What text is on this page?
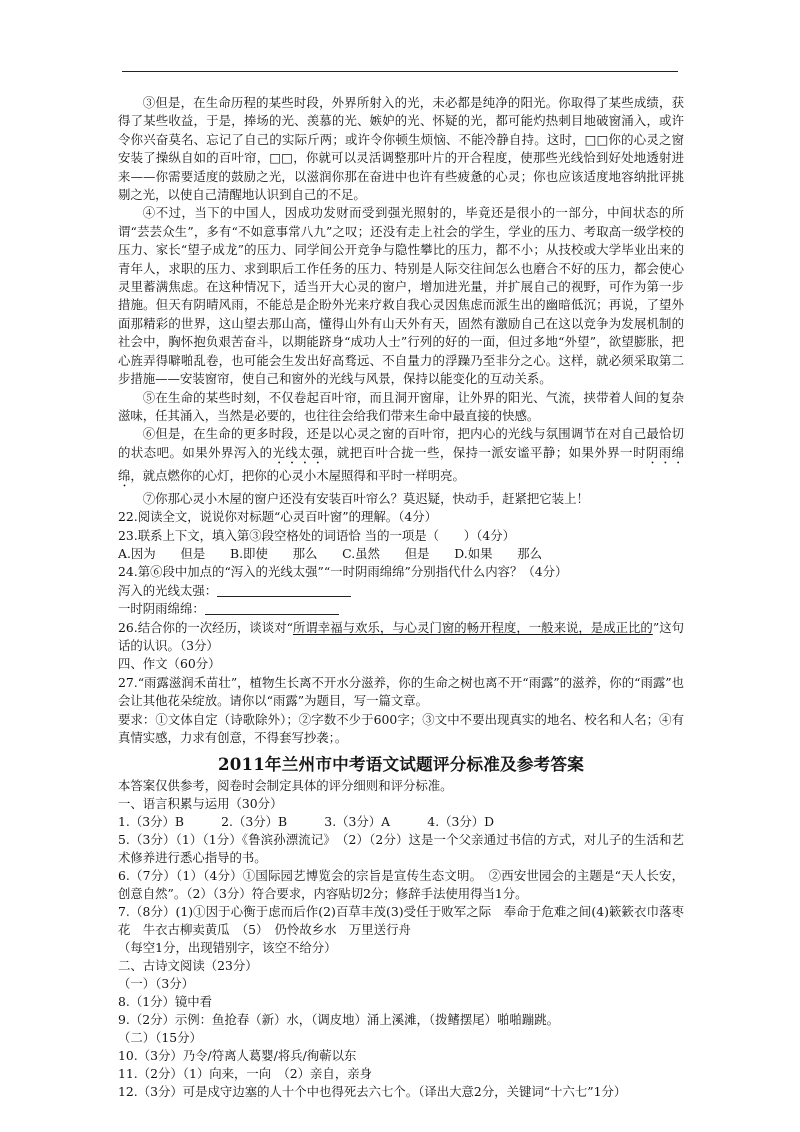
③但是，在生命历程的某些时段，外界所射入的光，未必都是纯净的阳光。你取得了某些成绩，获得了某些收益，于是，捧场的光、羡慕的光、嫉妒的光、怀疑的光，都可能灼热刺目地破窗涌入，或许令你兴奋莫名、忘记了自己的实际斤两；或许令你顿生烦恼、不能冷静自持。这时，□□你的心灵之窗安装了操纵自如的百叶帘，□□，你就可以灵活调整那叶片的开合程度，使那些光线恰到好处地透射进来——你需要适度的鼓励之光，以滋润你那在奋进中也许有些疲惫的心灵；你也应该适度地容纳批评挑剔之光，以使自己清醒地认识到自己的不足。

④不过，当下的中国人，因成功发财而受到强光照射的，毕竟还是很小的一部分，中间状态的所谓“芸芸众生”，多有“不如意事常八九”之叹；还没有走上社会的学生，学业的压力、考取高一级学校的压力、家长“望子成龙”的压力、同学间公开竞争与隐性攀比的压力，都不小；从技校或大学毕业出来的青年人，求职的压力、求到职后工作任务的压力、特别是人际交往间怎么也磨合不好的压力，都会使心灵里蓄满焦虑。在这种情况下，适当开大心灵的窗户，增加进光量，并扩展自己的视野，可作为第一步措施。但天有阴晴风雨，不能总是企盼外光来疗救自我心灵因焦虑而派生出的幽暗低沉；再说，了望外面那精彩的世界，这山望去那山高，懂得山外有山天外有天，固然有激励自己在这以竞争为发展机制的社会中，胸怀抱负艰苦奋斗，以期能跻身“成功人士”行列的好的一面，但过多地“外望”，欲望膨胀，把心旌弄得噼啪乱卷，也可能会生发出好高骛远、不自量力的浮躁乃至非分之心。这样，就必须采取第二步措施——安装窗帘，使自己和窗外的光线与风景，保持以能变化的互动关系。

⑤在生命的某些时刻，不仅卷起百叶帘，而且洞开窗扉，让外界的阳光、气流，挟带着人间的复杂滋味，任其涌入，当然是必要的，也往往会给我们带来生命中最直接的快感。

⑥但是，在生命的更多时段，还是以心灵之窗的百叶帘，把内心的光线与氛围调节在对自己最恰切的状态吧。如果外界泻入的光线太强，就把百叶合拢一些，保持一派安谧平静；如果外界一时阴雨绵绵，就点燃你的心灯，把你的心灵小木屋照得和平时一样明亮。

⑦你那心灵小木屋的窗户还没有安装百叶帘么？莫迟疑，快动手，赶紧把它装上！

22.阅读全文，说说你对标题“心灵百叶窗”的理解。（4分）

23.联系上下文，填入第③段空格处的词语恰 当的一项是（　　）（4分）

A.因为　　但是　　B.即使　　那么　　C.虽然　　但是　　D.如果　　那么

24.第⑥段中加点的“泻入的光线太强”“一时阴雨绵绵”分别指代什么内容？（4分）

泻入的光线太强：

一时阴雨绵绵：

26.结合你的一次经历，谈谈对“所谓幸福与欢乐，与心灵门窗的畅开程度，一般来说，是成正比的”这句话的认识。（3分）

四、作文（60分）

27.“雨露滋润禾苗壮”，植物生长离不开水分滋养，你的生命之树也离不开“雨露”的滋养，你的“雨露”也会让其他花朵绽放。请你以“雨露”为题目，写一篇文章。

要求：①文体自定（诗歌除外）；②字数不少于600字；③文中不要出现真实的地名、校名和人名；④有真情实感，力求有创意，不得套写抄袭；。

2011年兰州市中考语文试题评分标准及参考答案

本答案仅供参考，阅卷时会制定具体的评分细则和评分标准。

一、语言积累与运用（30分）

1.（3分）B　　　2.（3分）B　　　3.（3分）A　　　4.（3分）D

5.（3分）（1）（1分）《鲁滨孙漂流记》　（2）（2分）这是一个父亲通过书信的方式，对儿子的生活和艺术修养进行悉心指导的书。

6.（7分）（1）（4分）①国际园艺博览会的宗旨是宣传生态文明。　②西安世园会的主题是“天人长安，创意自然”。（2）（3分）符合要求，内容贴切2分；修辞手法使用得当1分。

7.（8分）(1)①因于心衡于虑而后作(2)百草丰茂(3)受任于败军之际　奉命于危难之间(4)簌簌衣巾落枣花　牛衣古柳卖黄瓜　（5）　仍怜故乡水　万里送行舟

（每空1分，出现错别字，该空不给分）

二、古诗文阅读（23分）

（一）（3分）

8.（1分）镜中看

9.（2分）示例：鱼抢春（新）水，（调皮地）涌上溪滩，（拨鳍摆尾）啪啪蹦跳。

（二）（15分）

10.（3分）乃令/符离人葛婴/将兵/徇蕲以东

11.（2分）（1）向来，一向　（2）亲自，亲身

12.（3分）可是戍守边塞的人十个中也得死去六七个。（译出大意2分，关键词“十六七”1分）
